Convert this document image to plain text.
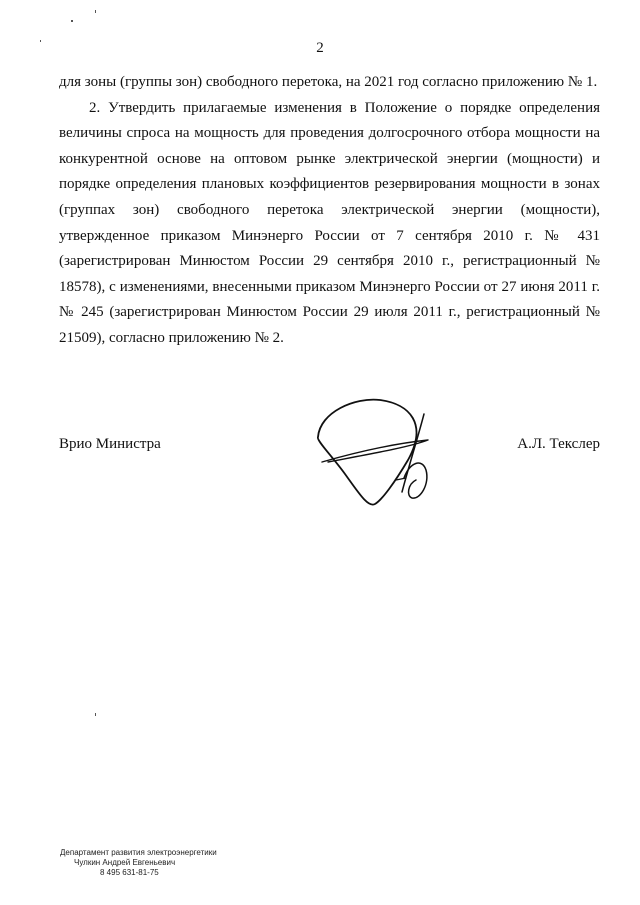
2

для зоны (группы зон) свободного перетока, на 2021 год согласно приложению № 1.

2. Утвердить прилагаемые изменения в Положение о порядке определения величины спроса на мощность для проведения долгосрочного отбора мощности на конкурентной основе на оптовом рынке электрической энергии (мощности) и порядке определения плановых коэффициентов резервирования мощности в зонах (группах зон) свободного перетока электрической энергии (мощности), утвержденное приказом Минэнерго России от 7 сентября 2010 г. № 431 (зарегистрирован Минюстом России 29 сентября 2010 г., регистрационный № 18578), с изменениями, внесенными приказом Минэнерго России от 27 июня 2011 г. № 245 (зарегистрирован Минюстом России 29 июля 2011 г., регистрационный № 21509), согласно приложению № 2.

Врио Министра	А.Л. Текслер
Департамент развития электроэнергетики
Чулкин Андрей Евгеньевич
8 495 631-81-75
